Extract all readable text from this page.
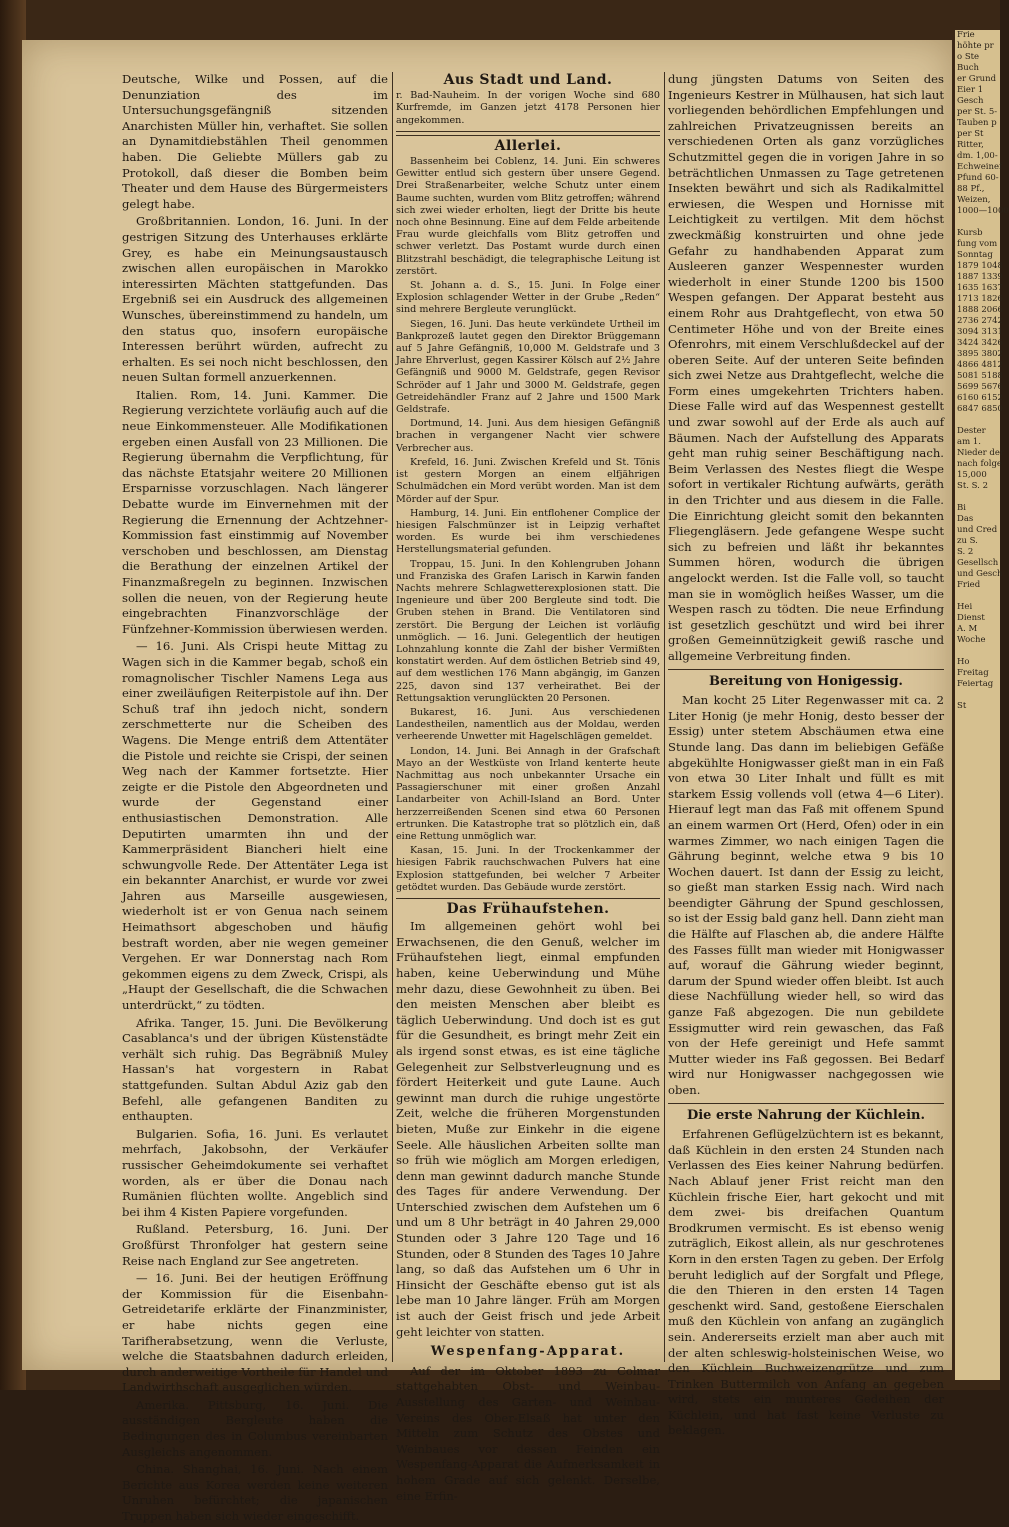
Deutsche, Wilke und Possen, auf die Denunziation des im Untersuchungsgefängniß sitzenden Anarchisten Müller hin, verhaftet. Sie sollen an Dynamitdiebstählen Theil genommen haben. Die Geliebte Müllers gab zu Protokoll, daß dieser die Bomben beim Theater und dem Hause des Bürgermeisters gelegt habe.

Großbritannien. London, 16. Juni. In der gestrigen Sitzung des Unterhauses erklärte Grey, es habe ein Meinungsaustausch zwischen allen europäischen in Marokko interessirten Mächten stattgefunden. Das Ergebniß sei ein Ausdruck des allgemeinen Wunsches, übereinstimmend zu handeln, um den status quo, insofern europäische Interessen berührt würden, aufrecht zu erhalten. Es sei noch nicht beschlossen, den neuen Sultan formell anzuerkennen.

Italien. Rom, 14. Juni. Kammer. Die Regierung verzichtete vorläufig auch auf die neue Einkommensteuer. Alle Modifikationen ergeben einen Ausfall von 23 Millionen. Die Regierung übernahm die Verpflichtung, für das nächste Etatsjahr weitere 20 Millionen Ersparnisse vorzuschlagen. Nach längerer Debatte wurde im Einvernehmen mit der Regierung die Ernennung der Achtzehner-Kommission fast einstimmig auf November verschoben und beschlossen, am Dienstag die Berathung der einzelnen Artikel der Finanzmaßregeln zu beginnen. Inzwischen sollen die neuen, von der Regierung heute eingebrachten Finanzvorschläge der Fünfzehner-Kommission überwiesen werden.

— 16. Juni. Als Crispi heute Mittag zu Wagen sich in die Kammer begab, schoß ein romagnolischer Tischler Namens Lega aus einer zweiläufigen Reiterpistole auf ihn. Der Schuß traf ihn jedoch nicht, sondern zerschmetterte nur die Scheiben des Wagens. Die Menge entriß dem Attentäter die Pistole und reichte sie Crispi, der seinen Weg nach der Kammer fortsetzte. Hier zeigte er die Pistole den Abgeordneten und wurde der Gegenstand einer enthusiastischen Demonstration. Alle Deputirten umarmten ihn und der Kammerpräsident Biancheri hielt eine schwungvolle Rede. Der Attentäter Lega ist ein bekannter Anarchist, er wurde vor zwei Jahren aus Marseille ausgewiesen, wiederholt ist er von Genua nach seinem Heimathsort abgeschoben und häufig bestraft worden, aber nie wegen gemeiner Vergehen. Er war Donnerstag nach Rom gekommen eigens zu dem Zweck, Crispi, als „Haupt der Gesellschaft, die die Schwachen unterdrückt,“ zu tödten.

Afrika. Tanger, 15. Juni. Die Bevölkerung Casablanca's und der übrigen Küstenstädte verhält sich ruhig. Das Begräbniß Muley Hassan's hat vorgestern in Rabat stattgefunden. Sultan Abdul Aziz gab den Befehl, alle gefangenen Banditen zu enthaupten.

Bulgarien. Sofia, 16. Juni. Es verlautet mehrfach, Jakobsohn, der Verkäufer russischer Geheimdokumente sei verhaftet worden, als er über die Donau nach Rumänien flüchten wollte. Angeblich sind bei ihm 4 Kisten Papiere vorgefunden.

Rußland. Petersburg, 16. Juni. Der Großfürst Thronfolger hat gestern seine Reise nach England zur See angetreten.

— 16. Juni. Bei der heutigen Eröffnung der Kommission für die Eisenbahn-Getreidetarife erklärte der Finanzminister, er habe nichts gegen eine Tarifherabsetzung, wenn die Verluste, welche die Staatsbahnen dadurch erleiden, durch anderweitige Vortheile für Handel und Landwirthschaft ausgeglichen würden.

Amerika. Pittsburg, 16. Juni. Die ausständigen Bergleute haben die Bedingungen des in Columbus vereinbarten Ausgleichs angenommen.

China. Shanghai, 16. Juni. Nach einem Berichte aus Korea werden keine weiteren Unruhen befürchtet; die japanischen Truppen haben sich wieder eingeschifft.

Aus Stadt und Land.

r. Bad-Nauheim. In der vorigen Woche sind 680 Kurfremde, im Ganzen jetzt 4178 Personen hier angekommen.

Allerlei.

Bassenheim bei Coblenz, 14. Juni. Ein schweres Gewitter entlud sich gestern über unsere Gegend. Drei Straßenarbeiter, welche Schutz unter einem Baume suchten, wurden vom Blitz getroffen; während sich zwei wieder erholten, liegt der Dritte bis heute noch ohne Besinnung. Eine auf dem Felde arbeitende Frau wurde gleichfalls vom Blitz getroffen und schwer verletzt. Das Postamt wurde durch einen Blitzstrahl beschädigt, die telegraphische Leitung ist zerstört.

St. Johann a. d. S., 15. Juni. In Folge einer Explosion schlagender Wetter in der Grube „Reden“ sind mehrere Bergleute verunglückt.

Siegen, 16. Juni. Das heute verkündete Urtheil im Bankprozeß lautet gegen den Direktor Brüggemann auf 5 Jahre Gefängniß, 10,000 M. Geldstrafe und 3 Jahre Ehrverlust, gegen Kassirer Kölsch auf 2½ Jahre Gefängniß und 9000 M. Geldstrafe, gegen Revisor Schröder auf 1 Jahr und 3000 M. Geldstrafe, gegen Getreidehändler Franz auf 2 Jahre und 1500 Mark Geldstrafe.

Dortmund, 14. Juni. Aus dem hiesigen Gefängniß brachen in vergangener Nacht vier schwere Verbrecher aus.

Krefeld, 16. Juni. Zwischen Krefeld und St. Tönis ist gestern Morgen an einem elfjährigen Schulmädchen ein Mord verübt worden. Man ist dem Mörder auf der Spur.

Hamburg, 14. Juni. Ein entflohener Complice der hiesigen Falschmünzer ist in Leipzig verhaftet worden. Es wurde bei ihm verschiedenes Herstellungsmaterial gefunden.

Troppau, 15. Juni. In den Kohlengruben Johann und Franziska des Grafen Larisch in Karwin fanden Nachts mehrere Schlagwetterexplosionen statt. Die Ingenieure und über 200 Bergleute sind todt. Die Gruben stehen in Brand. Die Ventilatoren sind zerstört. Die Bergung der Leichen ist vorläufig unmöglich. — 16. Juni. Gelegentlich der heutigen Lohnzahlung konnte die Zahl der bisher Vermißten konstatirt werden. Auf dem östlichen Betrieb sind 49, auf dem westlichen 176 Mann abgängig, im Ganzen 225, davon sind 137 verheirathet. Bei der Rettungsaktion verunglückten 20 Personen.

Bukarest, 16. Juni. Aus verschiedenen Landestheilen, namentlich aus der Moldau, werden verheerende Unwetter mit Hagelschlägen gemeldet.

London, 14. Juni. Bei Annagh in der Grafschaft Mayo an der Westküste von Irland kenterte heute Nachmittag aus noch unbekannter Ursache ein Passagierschuner mit einer großen Anzahl Landarbeiter von Achill-Island an Bord. Unter herzzerreißenden Scenen sind etwa 60 Personen ertrunken. Die Katastrophe trat so plötzlich ein, daß eine Rettung unmöglich war.

Kasan, 15. Juni. In der Trockenkammer der hiesigen Fabrik rauchschwachen Pulvers hat eine Explosion stattgefunden, bei welcher 7 Arbeiter getödtet wurden. Das Gebäude wurde zerstört.

Das Frühaufstehen.

Im allgemeinen gehört wohl bei Erwachsenen, die den Genuß, welcher im Frühaufstehen liegt, einmal empfunden haben, keine Ueberwindung und Mühe mehr dazu, diese Gewohnheit zu üben. Bei den meisten Menschen aber bleibt es täglich Ueberwindung. Und doch ist es gut für die Gesundheit, es bringt mehr Zeit ein als irgend sonst etwas, es ist eine tägliche Gelegenheit zur Selbstverleugnung und es fördert Heiterkeit und gute Laune. Auch gewinnt man durch die ruhige ungestörte Zeit, welche die früheren Morgenstunden bieten, Muße zur Einkehr in die eigene Seele. Alle häuslichen Arbeiten sollte man so früh wie möglich am Morgen erledigen, denn man gewinnt dadurch manche Stunde des Tages für andere Verwendung. Der Unterschied zwischen dem Aufstehen um 6 und um 8 Uhr beträgt in 40 Jahren 29,000 Stunden oder 3 Jahre 120 Tage und 16 Stunden, oder 8 Stunden des Tages 10 Jahre lang, so daß das Aufstehen um 6 Uhr in Hinsicht der Geschäfte ebenso gut ist als lebe man 10 Jahre länger. Früh am Morgen ist auch der Geist frisch und jede Arbeit geht leichter von statten.

Wespenfang-Apparat.

Auf der im Oktober 1893 zu Colmar stattgehabten Obst- und Weinbau-Ausstellung des Garten- und Weinbau-Vereins des Ober-Elsaß hat unter den Mitteln zum Schutz des Obstes und Weinbaues vor dessen Feinden ein Wespenfang-Apparat die Aufmerksamkeit in hohem Grade auf sich gelenkt. Derselbe, eine Erfin-

dung jüngsten Datums von Seiten des Ingenieurs Kestrer in Mülhausen, hat sich laut vorliegenden behördlichen Empfehlungen und zahlreichen Privatzeugnissen bereits an verschiedenen Orten als ganz vorzügliches Schutzmittel gegen die in vorigen Jahre in so beträchtlichen Unmassen zu Tage getretenen Insekten bewährt und sich als Radikalmittel erwiesen, die Wespen und Hornisse mit Leichtigkeit zu vertilgen. Mit dem höchst zweckmäßig konstruirten und ohne jede Gefahr zu handhabenden Apparat zum Ausleeren ganzer Wespennester wurden wiederholt in einer Stunde 1200 bis 1500 Wespen gefangen. Der Apparat besteht aus einem Rohr aus Drahtgeflecht, von etwa 50 Centimeter Höhe und von der Breite eines Ofenrohrs, mit einem Verschlußdeckel auf der oberen Seite. Auf der unteren Seite befinden sich zwei Netze aus Drahtgeflecht, welche die Form eines umgekehrten Trichters haben. Diese Falle wird auf das Wespennest gestellt und zwar sowohl auf der Erde als auch auf Bäumen. Nach der Aufstellung des Apparats geht man ruhig seiner Beschäftigung nach. Beim Verlassen des Nestes fliegt die Wespe sofort in vertikaler Richtung aufwärts, geräth in den Trichter und aus diesem in die Falle. Die Einrichtung gleicht somit den bekannten Fliegengläsern. Jede gefangene Wespe sucht sich zu befreien und läßt ihr bekanntes Summen hören, wodurch die übrigen angelockt werden. Ist die Falle voll, so taucht man sie in womöglich heißes Wasser, um die Wespen rasch zu tödten. Die neue Erfindung ist gesetzlich geschützt und wird bei ihrer großen Gemeinnützigkeit gewiß rasche und allgemeine Verbreitung finden.

Bereitung von Honigessig.

Man kocht 25 Liter Regenwasser mit ca. 2 Liter Honig (je mehr Honig, desto besser der Essig) unter stetem Abschäumen etwa eine Stunde lang. Das dann im beliebigen Gefäße abgekühlte Honigwasser gießt man in ein Faß von etwa 30 Liter Inhalt und füllt es mit starkem Essig vollends voll (etwa 4—6 Liter). Hierauf legt man das Faß mit offenem Spund an einem warmen Ort (Herd, Ofen) oder in ein warmes Zimmer, wo nach einigen Tagen die Gährung beginnt, welche etwa 9 bis 10 Wochen dauert. Ist dann der Essig zu leicht, so gießt man starken Essig nach. Wird nach beendigter Gährung der Spund geschlossen, so ist der Essig bald ganz hell. Dann zieht man die Hälfte auf Flaschen ab, die andere Hälfte des Fasses füllt man wieder mit Honigwasser auf, worauf die Gährung wieder beginnt, darum der Spund wieder offen bleibt. Ist auch diese Nachfüllung wieder hell, so wird das ganze Faß abgezogen. Die nun gebildete Essigmutter wird rein gewaschen, das Faß von der Hefe gereinigt und Hefe sammt Mutter wieder ins Faß gegossen. Bei Bedarf wird nur Honigwasser nachgegossen wie oben.

Die erste Nahrung der Küchlein.

Erfahrenen Geflügelzüchtern ist es bekannt, daß Küchlein in den ersten 24 Stunden nach Verlassen des Eies keiner Nahrung bedürfen. Nach Ablauf jener Frist reicht man den Küchlein frische Eier, hart gekocht und mit dem zwei- bis dreifachen Quantum Brodkrumen vermischt. Es ist ebenso wenig zuträglich, Eikost allein, als nur geschrotenes Korn in den ersten Tagen zu geben. Der Erfolg beruht lediglich auf der Sorgfalt und Pflege, die den Thieren in den ersten 14 Tagen geschenkt wird. Sand, gestoßene Eierschalen muß den Küchlein von anfang an zugänglich sein. Andererseits erzielt man aber auch mit der alten schleswig-holsteinischen Weise, wo den Küchlein Buchweizengrütze und zum Trinken Buttermilch von Anfang an gegeben wird, stets ein munteres Gedeihen der Küchlein, und hat fast keine Verluste zu beklagen.

Frie
höhte pr
o Ste
Buch
er Grund
Eier 1
Gesch
per St. 5-
Tauben p
per St
Ritter,
dm. 1,00-
Echweinef
Pfund 60-
88 Pf.,
Weizen,
1000—1000

Kursb
fung vom
Sonntag
1879 1048
1887 1339
1635 1637
1713 1826
1888 2066
2736 2742
3094 3131
3424 3426
3895 3802
4866 4812
5081 5188
5699 5676
6160 6152
6847 6850

Dester
am 1.
Nieder der
nach folge
15,000
St. S. 2

Bi
Das
und Cred
zu S.
S. 2
Gesellsch
und Gesch
Fried

Hei
Dienst
A. M
Woche

Ho
Freitag
Feiertag

St
